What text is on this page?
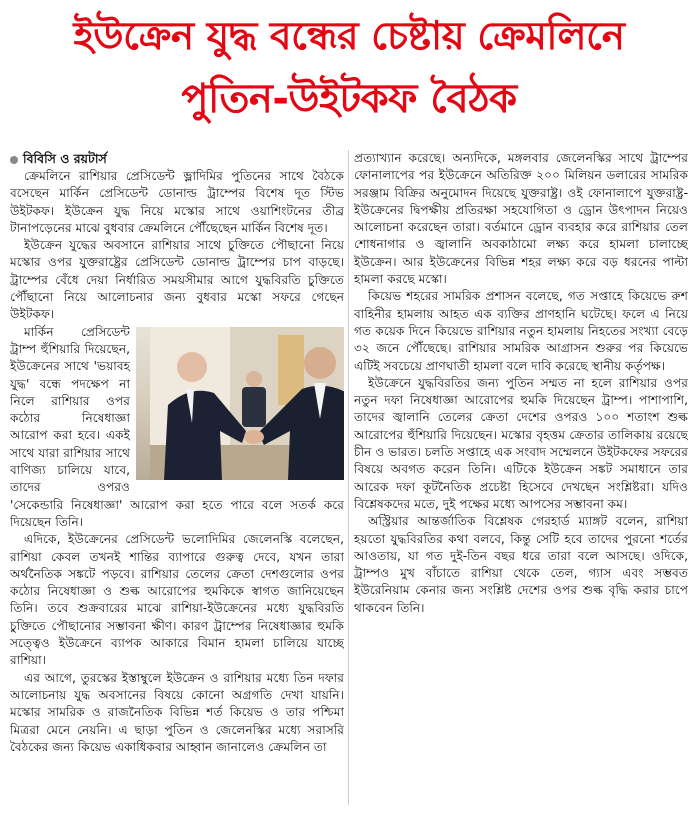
ইউক্রেন যুদ্ধ বন্ধের চেষ্টায় ক্রেমলিনে
পুতিন-উইটকফ বৈঠক
বিবিসি ও রয়টার্স

ক্রেমলিনে রাশিয়ার প্রেসিডেন্ট ভ্লাদিমির পুতিনের সাথে বৈঠকে বসেছেন মার্কিন প্রেসিডেন্ট ডোনাল্ড ট্রাম্পের বিশেষ দূত স্টিভ উইটকফ। ইউক্রেন যুদ্ধ নিয়ে মস্কোর সাথে ওয়াশিংটনের তীব্র টানাপড়েনের মাঝে বুধবার ক্রেমলিনে পৌঁছেছেন মার্কিন বিশেষ দূত।

ইউক্রেন যুদ্ধের অবসানে রাশিয়ার সাথে চুক্তিতে পৌছানো নিয়ে মস্কোর ওপর যুক্তরাষ্ট্রের প্রেসিডেন্ট ডোনাল্ড ট্রাম্পের চাপ বাড়ছে। ট্রাম্পের বেঁধে দেয়া নির্ধারিত সময়সীমার আগে যুদ্ধবিরতি চুক্তিতে পৌঁছানো নিয়ে আলোচনার জন্য বুধবার মস্কো সফরে গেছেন উইটকফ।

মার্কিন প্রেসিডেন্ট ট্রাম্প হুঁশিয়ারি দিয়েছেন, ইউক্রেনের সাথে 'ভয়াবহ যুদ্ধ' বন্ধে পদক্ষেপ না নিলে রাশিয়ার ওপর কঠোর নিষেধাজ্ঞা আরোপ করা হবে। একই সাথে যারা রাশিয়ার সাথে বাণিজ্য চালিয়ে যাবে, তাদের ওপরও 'সেকেন্ডারি নিষেধাজ্ঞা' আরোপ করা হতে পারে বলে সতর্ক করে দিয়েছেন তিনি।

এদিকে, ইউক্রেনের প্রেসিডেন্ট ভলোদিমির জেলেনস্কি বলেছেন, রাশিয়া কেবল তখনই শান্তির ব্যাপারে গুরুত্ব দেবে, যখন তারা অর্থনৈতিক সঙ্কটে পড়বে। রাশিয়ার তেলের ক্রেতা দেশগুলোর ওপর কঠোর নিষেধাজ্ঞা ও শুল্ক আরোপের হুমকিকে স্বাগত জানিয়েছেন তিনি। তবে শুক্রবারের মাঝে রাশিয়া-ইউক্রেনের মধ্যে যুদ্ধবিরতি চুক্তিতে পৌছানোর সম্ভাবনা ক্ষীণ। কারণ ট্রাম্পের নিষেধাজ্ঞার হুমকি সত্ত্বেও ইউক্রেনে ব্যাপক আকারে বিমান হামলা চালিয়ে যাচ্ছে রাশিয়া।

এর আগে, তুরস্কের ইস্তাম্বুলে ইউক্রেন ও রাশিয়ার মধ্যে তিন দফার আলোচনায় যুদ্ধ অবসানের বিষয়ে কোনো অগ্রগতি দেখা যায়নি। মস্কোর সামরিক ও রাজনৈতিক বিভিন্ন শর্ত কিয়েভ ও তার পশ্চিমা মিত্ররা মেনে নেয়নি। এ ছাড়া পুতিন ও জেলেনস্কির মধ্যে সরাসরি বৈঠকের জন্য কিয়েভ একাধিকবার আহ্বান জানালেও ক্রেমলিন তা

প্রত্যাখ্যান করেছে। অন্যদিকে, মঙ্গলবার জেলেনস্কির সাথে ট্রাম্পের ফোনালাপের পর ইউক্রেনে অতিরিক্ত ২০০ মিলিয়ন ডলারের সামরিক সরঞ্জাম বিক্রির অনুমোদন দিয়েছে যুক্তরাষ্ট্র। ওই ফোনালাপে যুক্তরাষ্ট্র-ইউক্রেনের দ্বিপক্ষীয় প্রতিরক্ষা সহযোগিতা ও ড্রোন উৎপাদন নিয়েও আলোচনা করেছেন তারা। বর্তমানে ড্রোন ব্যবহার করে রাশিয়ার তেল শোধনাগার ও জ্বালানি অবকাঠামো লক্ষ্য করে হামলা চালাচ্ছে ইউক্রেন। আর ইউক্রেনের বিভিন্ন শহর লক্ষ্য করে বড় ধরনের পাল্টা হামলা করছে মস্কো।

কিয়েভ শহরের সামরিক প্রশাসন বলেছে, গত সপ্তাহে কিয়েভে রুশ বাহিনীর হামলায় আহত এক ব্যক্তির প্রাণহানি ঘটেছে। ফলে এ নিয়ে গত কয়েক দিনে কিয়েভে রাশিয়ার নতুন হামলায় নিহতের সংখ্যা বেড়ে ৩২ জনে পৌঁছেছে। রাশিয়ার সামরিক আগ্রাসন শুরুর পর কিয়েভে এটিই সবচেয়ে প্রাণঘাতী হামলা বলে দাবি করেছে স্থানীয় কর্তৃপক্ষ।

ইউক্রেনে যুদ্ধবিরতির জন্য পুতিন সম্মত না হলে রাশিয়ার ওপর নতুন দফা নিষেধাজ্ঞা আরোপের হুমকি দিয়েছেন ট্রাম্প। পাশাপাশি, তাদের জ্বালানি তেলের ক্রেতা দেশের ওপরও ১০০ শতাংশ শুল্ক আরোপের হুঁশিয়ারি দিয়েছেন। মস্কোর বৃহত্তম ক্রেতার তালিকায় রয়েছে চীন ও ভারত। চলতি সপ্তাহে এক সংবাদ সম্মেলনে উইটকফের সফরের বিষয়ে অবগত করেন তিনি। এটিকে ইউক্রেন সঙ্কট সমাধানে তার আরেক দফা কূটনৈতিক প্রচেষ্টা হিসেবে দেখছেন সংশ্লিষ্টরা। যদিও বিশ্লেষকদের মতে, দুই পক্ষের মধ্যে আপসের সম্ভাবনা কম।

অস্ট্রিয়ার আন্তর্জাতিক বিশ্লেষক গেরহার্ড ম্যাঙ্গট বলেন, রাশিয়া হয়তো যুদ্ধবিরতির কথা বলবে, কিন্তু সেটি হবে তাদের পুরনো শর্তের আওতায়, যা গত দুই-তিন বছর ধরে তারা বলে আসছে। ওদিকে, ট্রাম্পও মুখ বাঁচাতে রাশিয়া থেকে তেল, গ্যাস এবং সম্ভবত ইউরেনিয়াম কেনার জন্য সংশ্লিষ্ট দেশের ওপর শুল্ক বৃদ্ধি করার চাপে থাকবেন তিনি।
